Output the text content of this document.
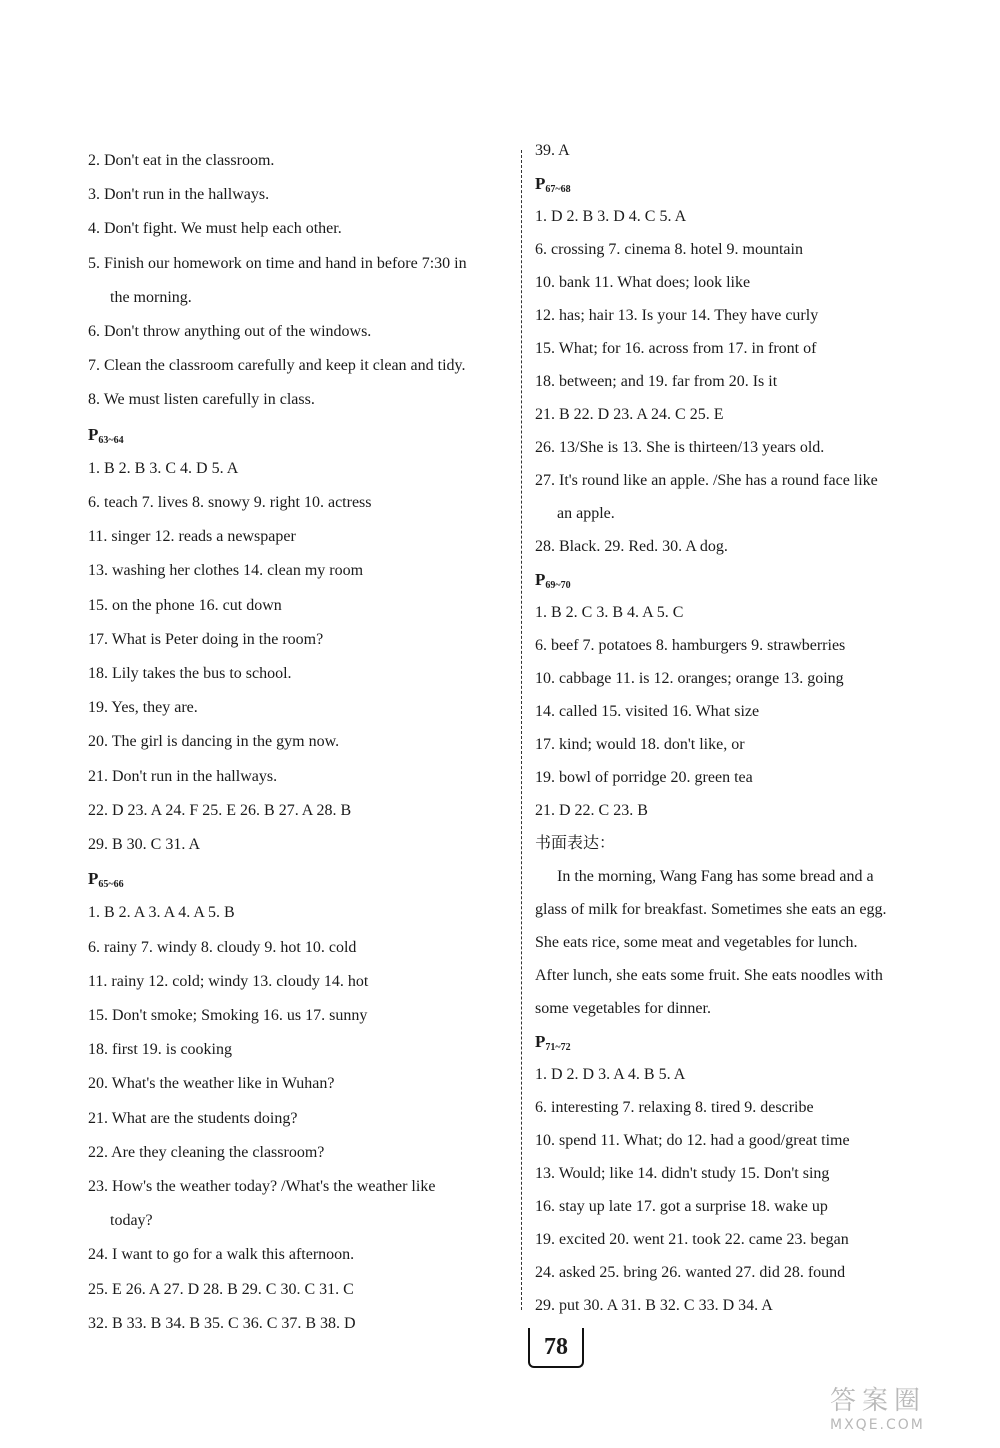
2. Don't eat in the classroom.
3. Don't run in the hallways.
4. Don't fight. We must help each other.
5. Finish our homework on time and hand in before 7:30 in
the morning.
6. Don't throw anything out of the windows.
7. Clean the classroom carefully and keep it clean and tidy.
8. We must listen carefully in class.
$P_{63\sim 64}$
1. B 2. B 3. C 4. D 5. A
6. teach 7. lives 8. snowy 9. right 10. actress
11. singer 12. reads a newspaper
13. washing her clothes 14. clean my room
15. on the phone 16. cut down
17. What is Peter doing in the room?
18. Lily takes the bus to school.
19. Yes, they are.
20. The girl is dancing in the gym now.
21. Don't run in the hallways.
22. D 23. A 24. F 25. E 26. B 27. A 28. B
29. B 30. C 31. A
$P_{65\sim 66}$
1. B 2. A 3. A 4. A 5. B
6. rainy 7. windy 8. cloudy 9. hot 10. cold
11. rainy 12. cold; windy 13. cloudy 14. hot
15. Don't smoke; Smoking 16. us 17. sunny
18. first 19. is cooking
20. What's the weather like in Wuhan?
21. What are the students doing?
22. Are they cleaning the classroom?
23. How's the weather today? /What's the weather like
today?
24. I want to go for a walk this afternoon.
25. E 26. A 27. D 28. B 29. C 30. C 31. C
32. B 33. B 34. B 35. C 36. C 37. B 38. D
39. A
$P_{67\sim 68}$
1. D 2. B 3. D 4. C 5. A
6. crossing 7. cinema 8. hotel 9. mountain
10. bank 11. What does; look like
12. has; hair 13. Is your 14. They have curly
15. What; for 16. across from 17. in front of
18. between; and 19. far from 20. Is it
21. B 22. D 23. A 24. C 25. E
26. 13/She is 13. She is thirteen/13 years old.
27. It's round like an apple. /She has a round face like
an apple.
28. Black. 29. Red. 30. A dog.
$P_{69\sim 70}$
1. B 2. C 3. B 4. A 5. C
6. beef 7. potatoes 8. hamburgers 9. strawberries
10. cabbage 11. is 12. oranges; orange 13. going
14. called 15. visited 16. What size
17. kind; would 18. don't like, or
19. bowl of porridge 20. green tea
21. D 22. C 23. B
书面表达：
In the morning, Wang Fang has some bread and a
glass of milk for breakfast. Sometimes she eats an egg.
She eats rice, some meat and vegetables for lunch.
After lunch, she eats some fruit. She eats noodles with
some vegetables for dinner.
$P_{71\sim 72}$
1. D 2. D 3. A 4. B 5. A
6. interesting 7. relaxing 8. tired 9. describe
10. spend 11. What; do 12. had a good/great time
13. Would; like 14. didn't study 15. Don't sing
16. stay up late 17. got a surprise 18. wake up
19. excited 20. went 21. took 22. came 23. began
24. asked 25. bring 26. wanted 27. did 28. found
29. put 30. A 31. B 32. C 33. D 34. A
78
答案圈
MXQE.COM
